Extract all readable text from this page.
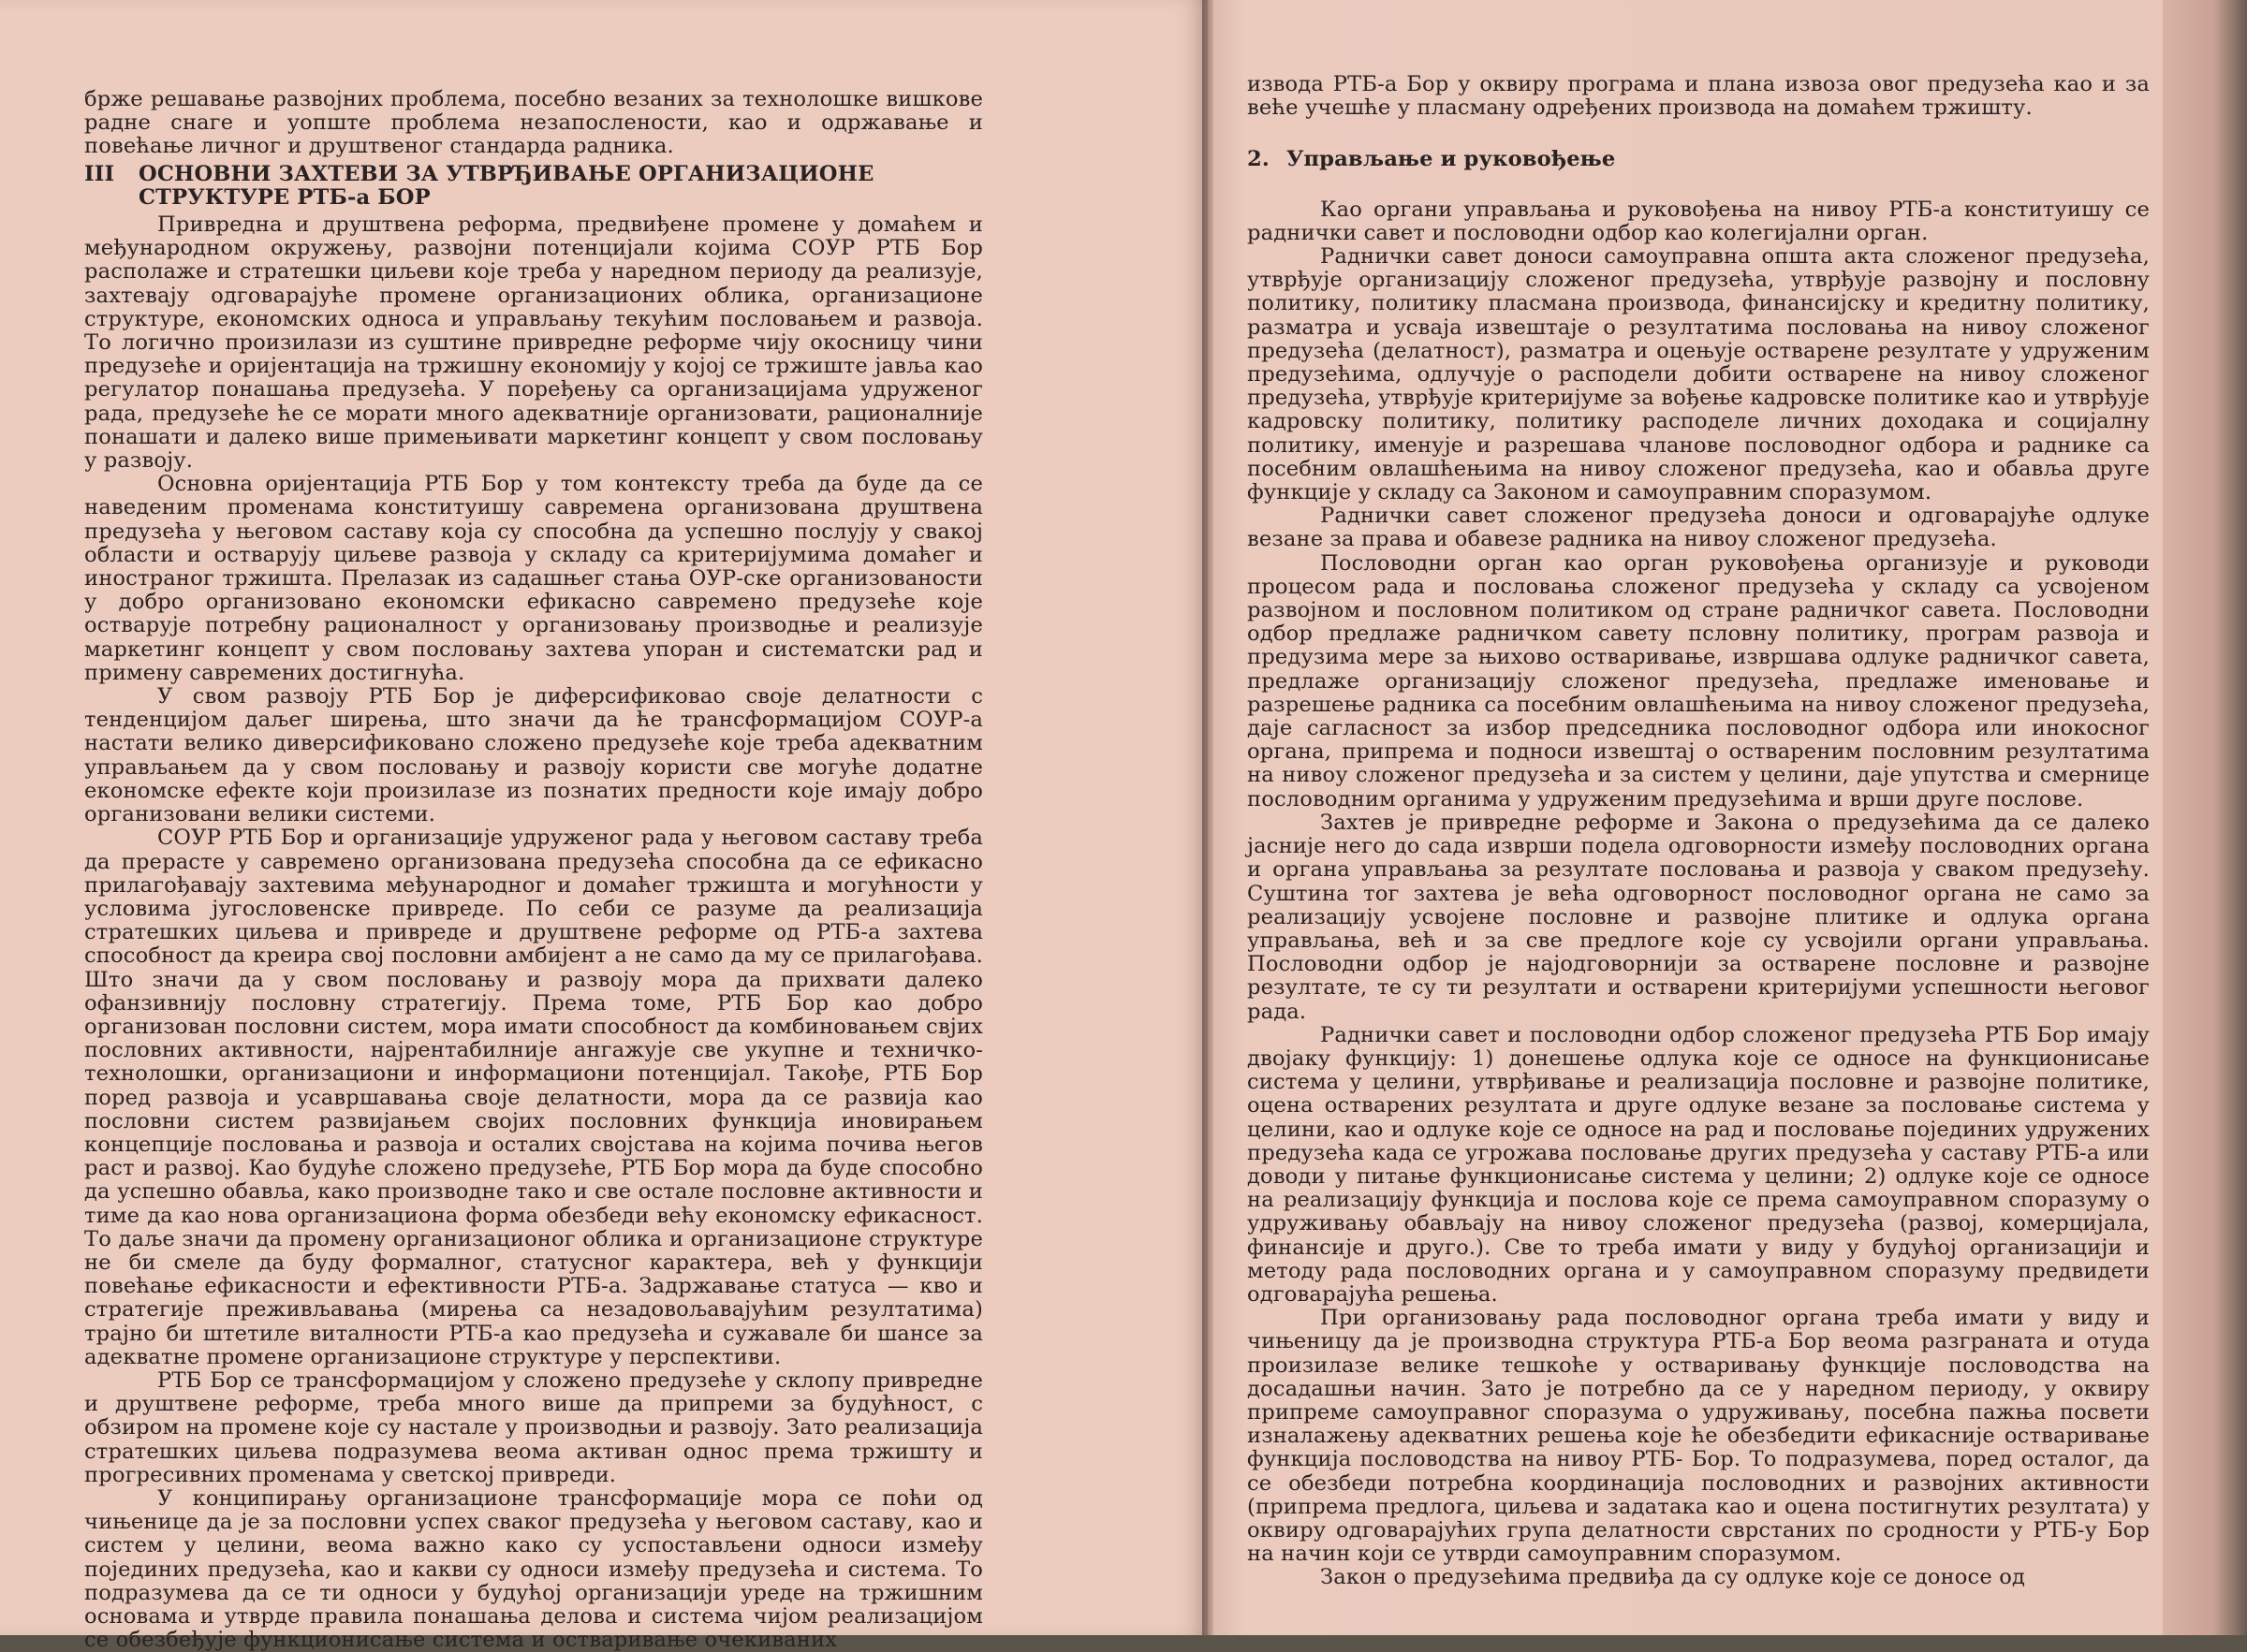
брже решавање развојних проблема, посебно везаних за технолошке вишкове радне снаге и уопште проблема незапослености, као и одржавање и повећање личног и друштвеног стандарда радника.

III ОСНОВНИ ЗАХТЕВИ ЗА УТВРЂИВАЊЕ ОРГАНИЗАЦИОНЕ
СТРУКТУРЕ РТБ-а БОР

Привредна и друштвена реформа, предвиђене промене у домаћем и међународном окружењу, развојни потенцијали којима СОУР РТБ Бор располаже и стратешки циљеви које треба у наредном периоду да реализује, захтевају одговарајуће промене организационих облика, организационе структуре, економских односа и управљању текућим пословањем и развоја. То логично произилази из суштине привредне реформе чију окосницу чини предузеће и оријентација на тржишну економију у којој се тржиште јавља као регулатор понашања предузећа. У поређењу са организацијама удруженог рада, предузеће ће се морати много адекватније организовати, рационалније понашати и далеко више примењивати маркетинг концепт у свом пословању у развоју.

Основна оријентација РТБ Бор у том контексту треба да буде да се наведеним променама конституишу савремена организована друштвена предузећа у његовом саставу која су способна да успешно послују у свакој области и остварују циљеве развоја у складу са критеријумима домаћег и иностраног тржишта. Прелазак из садашњег стања ОУР-ске организованости у добро организовано економски ефикасно савремено предузеће које остварује потребну рационалност у организовању производње и реализује маркетинг концепт у свом пословању захтева упоран и систематски рад и примену савремених достигнућа.

У свом развоју РТБ Бор је диферсификовао своје делатности с тенденцијом даљег ширења, што значи да ће трансформацијом СОУР-а настати велико диверсификовано сложено предузеће које треба адекватним управљањем да у свом пословању и развоју користи све могуће додатне економске ефекте који произилазе из познатих предности које имају добро организовани велики системи.

СОУР РТБ Бор и организације удруженог рада у његовом саставу треба да прерасте у савремено организована предузећа способна да се ефикасно прилагођавају захтевима међународног и домаћег тржишта и могућности у условима југословенске привреде. По себи се разуме да реализација стратешких циљева и привреде и друштвене реформе од РТБ-а захтева способност да креира свој пословни амбијент а не само да му се прилагођава. Што значи да у свом пословању и развоју мора да прихвати далеко офанзивнију пословну стратегију. Према томе, РТБ Бор као добро организован пословни систем, мора имати способност да комбиновањем свјих пословних активности, најрентабилније ангажује све укупне и техничко-технолошки, организациони и информациони потенцијал. Такође, РТБ Бор поред развоја и усавршавања своје делатности, мора да се развија као пословни систем развијањем својих пословних функција иновирањем концепције пословања и развоја и осталих својстава на којима почива његов раст и развој. Као будуће сложено предузеће, РТБ Бор мора да буде способно да успешно обавља, како производне тако и све остале пословне активности и тиме да као нова организациона форма обезбеди већу економску ефикасност. То даље значи да промену организационог облика и организационе структуре не би смеле да буду формалног, статусног карактера, већ у функцији повећање ефикасности и ефективности РТБ-а. Задржавање статуса — кво и стратегије преживљавања (мирења са незадовољавајућим резултатима) трајно би штетиле виталности РТБ-а као предузећа и сужавале би шансе за адекватне промене организационе структуре у перспективи.

РТБ Бор се трансформацијом у сложено предузеће у склопу привредне и друштвене реформе, треба много више да припреми за будућност, с обзиром на промене које су настале у производњи и развоју. Зато реализација стратешких циљева подразумева веома активан однос према тржишту и прогресивних променама у светској привреди.

У конципирању организационе трансформације мора се поћи од чињенице да је за пословни успех сваког предузећа у његовом саставу, као и систем у целини, веома важно како су успостављени односи између појединих предузећа, као и какви су односи између предузећа и система. То подразумева да се ти односи у будућој организацији уреде на тржишним основама и утврде правила понашања делова и система чијом реализацијом се обезбеђује функционисање система и остваривање очекиваних

извода РТБ-а Бор у оквиру програма и плана извоза овог предузећа као и за веће учешће у пласману одређених производа на домаћем тржишту.

2. Управљање и руковођење

Као органи управљања и руковођења на нивоу РТБ-а конституишу се раднички савет и пословодни одбор као колегијални орган.

Раднички савет доноси самоуправна општа акта сложеног предузећа, утврђује организацију сложеног предузећа, утврђује развојну и пословну политику, политику пласмана производа, финансијску и кредитну политику, разматра и усваја извештаје о резултатима пословања на нивоу сложеног предузећа (делатност), разматра и оцењује остварене резултате у удруженим предузећима, одлучује о расподели добити остварене на нивоу сложеног предузећа, утврђује критеријуме за вођење кадровске политике као и утврђује кадровску политику, политику расподеле личних доходака и социјалну политику, именује и разрешава чланове пословодног одбора и раднике са посебним овлашћењима на нивоу сложеног предузећа, као и обавља друге функције у складу са Законом и самоуправним споразумом.

Раднички савет сложеног предузећа доноси и одговарајуће одлуке везане за права и обавезе радника на нивоу сложеног предузећа.

Пословодни орган као орган руковођења организује и руководи процесом рада и пословања сложеног предузећа у складу са усвојеном развојном и пословном политиком од стране радничког савета. Пословодни одбор предлаже радничком савету псловну политику, програм развоја и предузима мере за њихово остваривање, извршава одлуке радничког савета, предлаже организацију сложеног предузећа, предлаже именовање и разрешење радника са посебним овлашћењима на нивоу сложеног предузећа, даје сагласност за избор председника пословодног одбора или инокосног органа, припрема и подноси извештај о оствареним пословним резултатима на нивоу сложеног предузећа и за систем у целини, даје упутства и смернице пословодним органима у удруженим предузећима и врши друге послове.

Захтев је привредне реформе и Закона о предузећима да се далеко јасније него до сада изврши подела одговорности између пословодних органа и органа управљања за резултате пословања и развоја у сваком предузећу. Суштина тог захтева је већа одговорност пословодног органа не само за реализацију усвојене пословне и развојне плитике и одлука органа управљања, већ и за све предлоге које су усвојили органи управљања. Пословодни одбор је најодговорнији за остварене пословне и развојне резултате, те су ти резултати и остварени критеријуми успешности његовог рада.

Раднички савет и пословодни одбор сложеног предузећа РТБ Бор имају двојаку функцију: 1) донешење одлука које се односе на функционисање система у целини, утврђивање и реализација пословне и развојне политике, оцена остварених резултата и друге одлуке везане за пословање система у целини, као и одлуке које се односе на рад и пословање појединих удружених предузећа када се угрожава пословање других предузећа у саставу РТБ-а или доводи у питање функционисање система у целини; 2) одлуке које се односе на реализацију функција и послова које се према самоуправном споразуму о удруживању обављају на нивоу сложеног предузећа (развој, комерцијала, финансије и друго.). Све то треба имати у виду у будућој организацији и методу рада пословодних органа и у самоуправном споразуму предвидети одговарајућа решења.

При организовању рада пословодног органа треба имати у виду и чињеницу да је производна структура РТБ-а Бор веома разграната и отуда произилазе велике тешкоће у остваривању функције пословодства на досадашњи начин. Зато је потребно да се у наредном периоду, у оквиру припреме самоуправног споразума о удруживању, посебна пажња посвети изналажењу адекватних решења које ће обезбедити ефикасније остваривање функција пословодства на нивоу РТБ- Бор. То подразумева, поред осталог, да се обезбеди потребна координација пословодних и развојних активности (припрема предлога, циљева и задатака као и оцена постигнутих резултата) у оквиру одговарајућих група делатности сврстаних по сродности у РТБ-у Бор на начин који се утврди самоуправним споразумом.

Закон о предузећима предвиђа да су одлуке које се доносе од
